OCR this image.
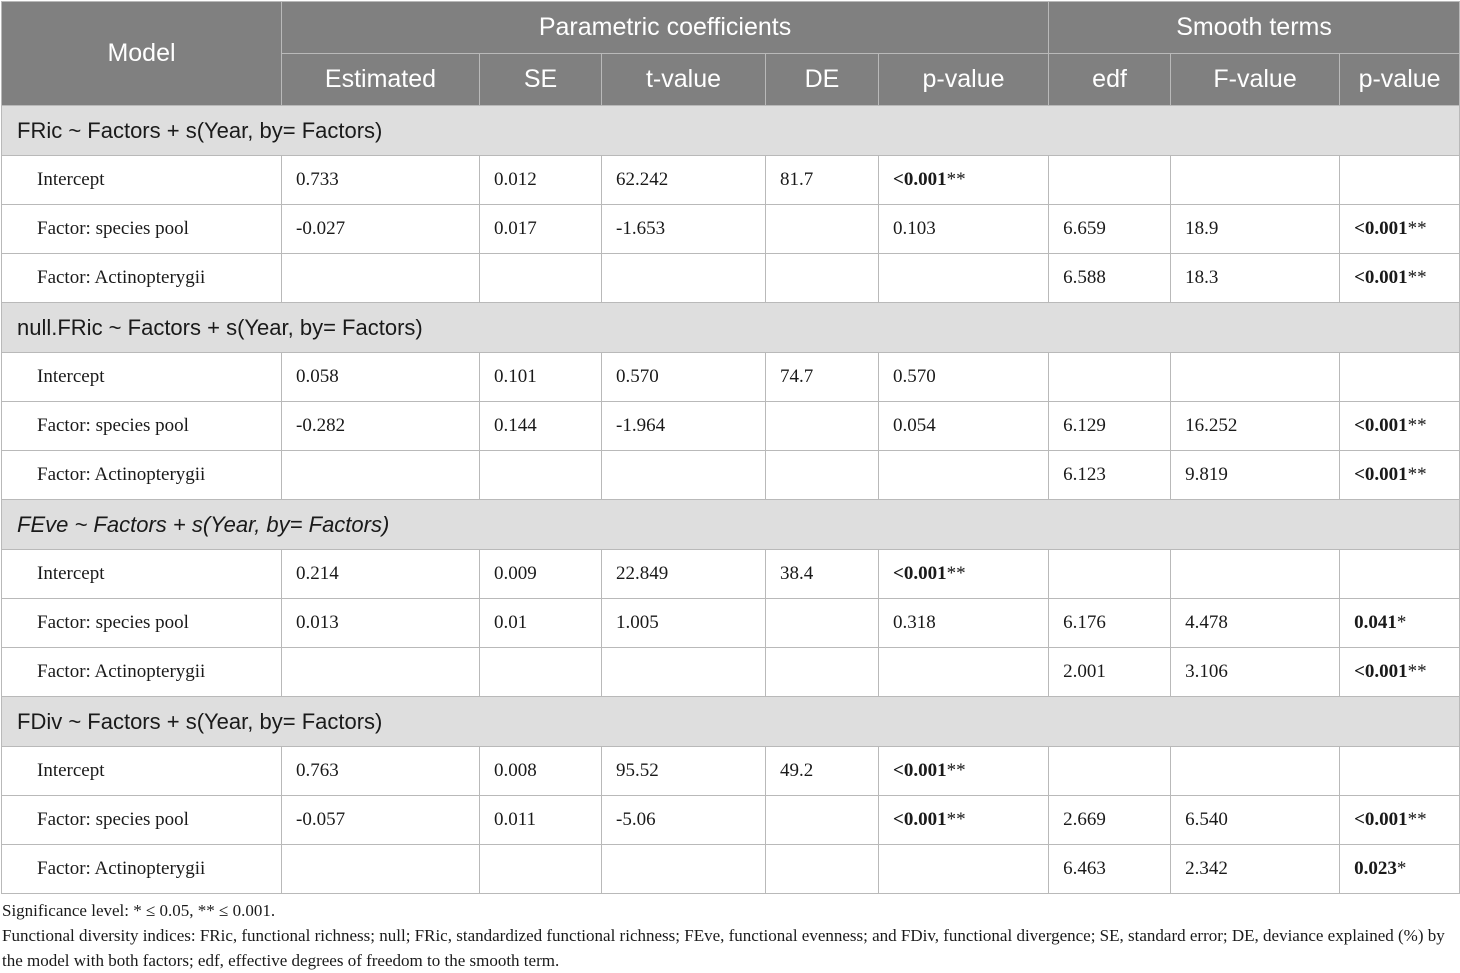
Model	Parametric coefficients					Smooth terms		
	Estimated	SE	t-value	DE	p-value	edf	F-value	p-value
FRic ~ Factors + s(Year, by= Factors)								
Intercept	0.733	0.012	62.242	81.7	<0.001**			
Factor: species pool	-0.027	0.017	-1.653		0.103	6.659	18.9	<0.001**
Factor: Actinopterygii						6.588	18.3	<0.001**
null.FRic ~ Factors + s(Year, by= Factors)								
Intercept	0.058	0.101	0.570	74.7	0.570			
Factor: species pool	-0.282	0.144	-1.964		0.054	6.129	16.252	<0.001**
Factor: Actinopterygii						6.123	9.819	<0.001**
FEve ~ Factors + s(Year, by= Factors)								
Intercept	0.214	0.009	22.849	38.4	<0.001**			
Factor: species pool	0.013	0.01	1.005		0.318	6.176	4.478	0.041*
Factor: Actinopterygii						2.001	3.106	<0.001**
FDiv ~ Factors + s(Year, by= Factors)								
Intercept	0.763	0.008	95.52	49.2	<0.001**			
Factor: species pool	-0.057	0.011	-5.06		<0.001**	2.669	6.540	<0.001**
Factor: Actinopterygii						6.463	2.342	0.023*

Significance level: * ≤ 0.05, ** ≤ 0.001.

Functional diversity indices: FRic, functional richness; null; FRic, standardized functional richness; FEve, functional evenness; and FDiv, functional divergence; SE, standard error; DE, deviance explained (%) by the model with both factors; edf, effective degrees of freedom to the smooth term.
